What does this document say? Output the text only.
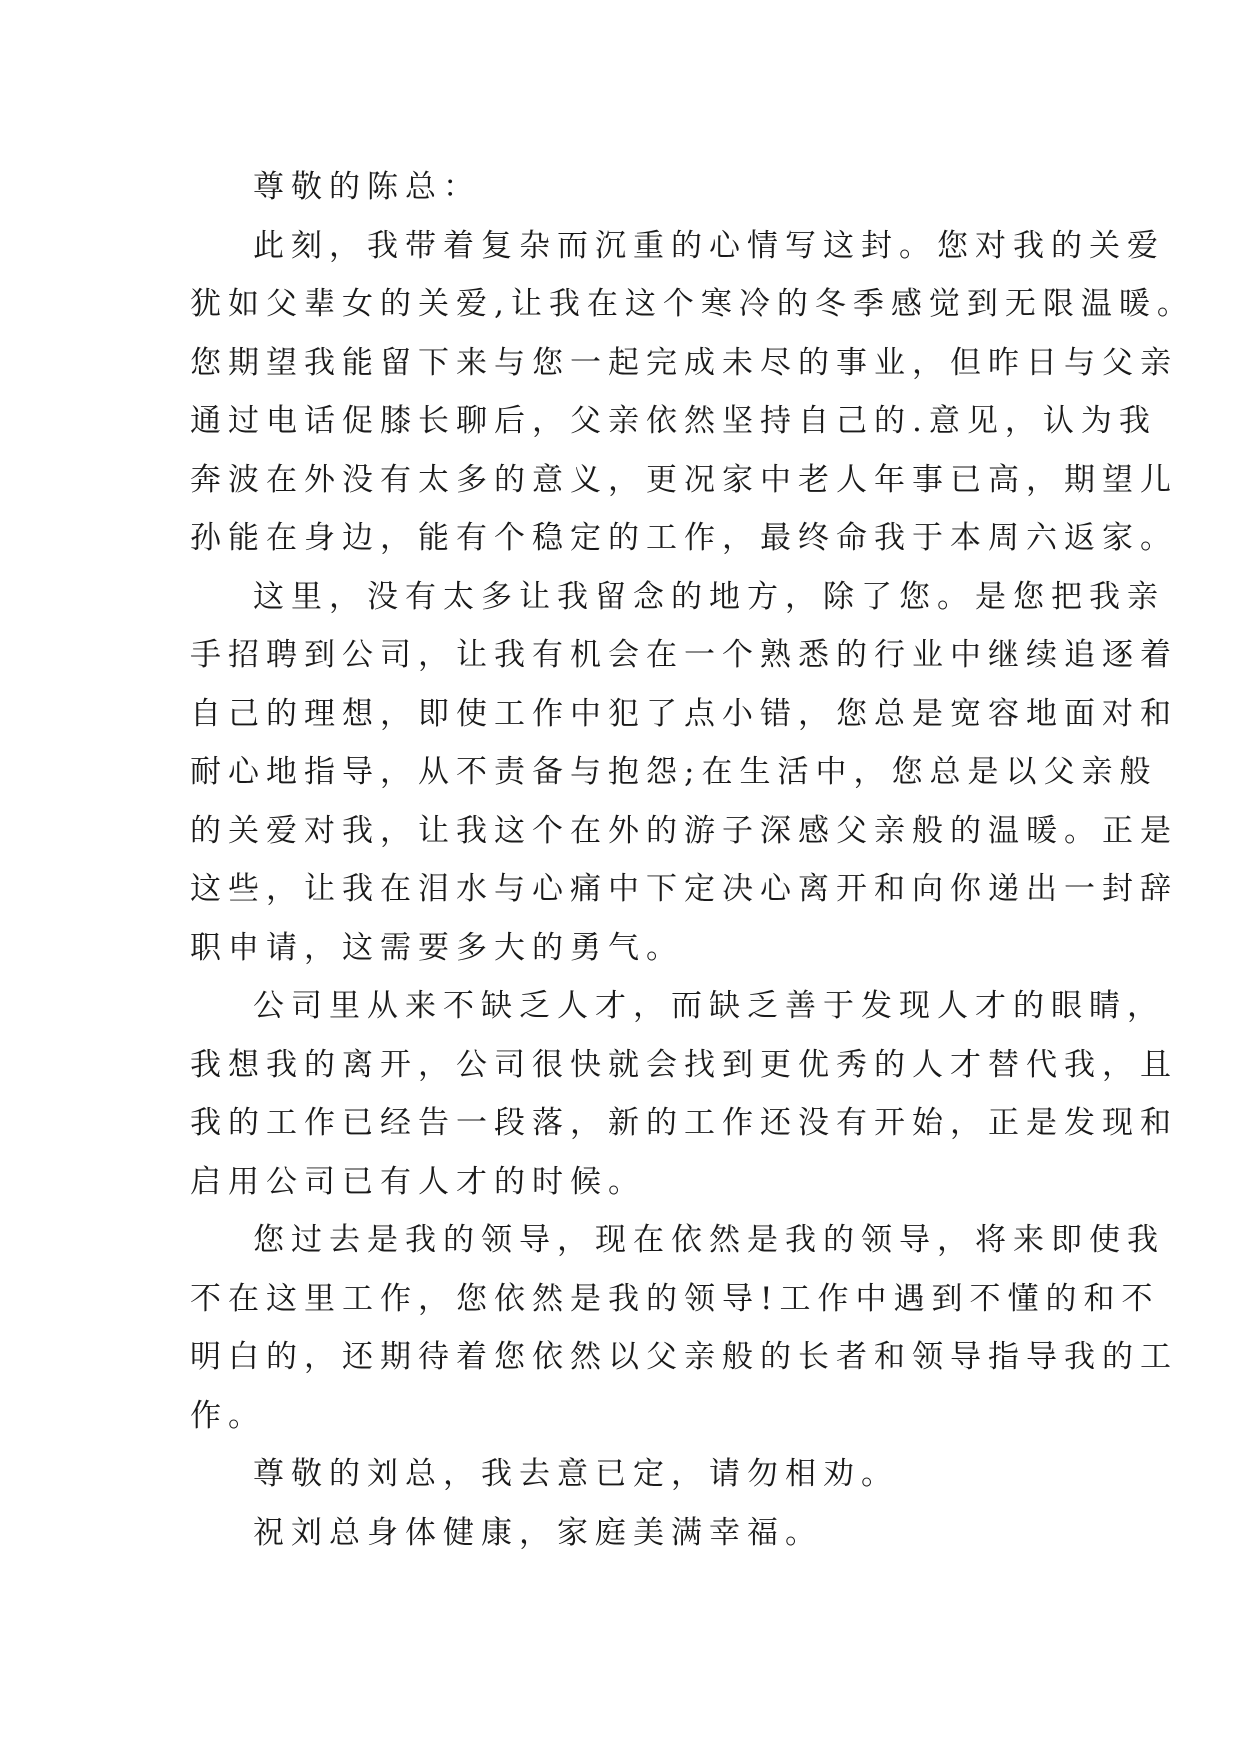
尊敬的陈总：
此刻，我带着复杂而沉重的心情写这封。您对我的关爱
犹如父辈女的关爱,让我在这个寒冷的冬季感觉到无限温暖。
您期望我能留下来与您一起完成未尽的事业，但昨日与父亲
通过电话促膝长聊后，父亲依然坚持自己的.意见，认为我
奔波在外没有太多的意义，更况家中老人年事已高，期望儿
孙能在身边，能有个稳定的工作，最终命我于本周六返家。
这里，没有太多让我留念的地方，除了您。是您把我亲
手招聘到公司，让我有机会在一个熟悉的行业中继续追逐着
自己的理想，即使工作中犯了点小错，您总是宽容地面对和
耐心地指导，从不责备与抱怨;在生活中，您总是以父亲般
的关爱对我，让我这个在外的游子深感父亲般的温暖。正是
这些，让我在泪水与心痛中下定决心离开和向你递出一封辞
职申请，这需要多大的勇气。
公司里从来不缺乏人才，而缺乏善于发现人才的眼睛，
我想我的离开，公司很快就会找到更优秀的人才替代我，且
我的工作已经告一段落，新的工作还没有开始，正是发现和
启用公司已有人才的时候。
您过去是我的领导，现在依然是我的领导，将来即使我
不在这里工作，您依然是我的领导!工作中遇到不懂的和不
明白的，还期待着您依然以父亲般的长者和领导指导我的工
作。
尊敬的刘总，我去意已定，请勿相劝。
祝刘总身体健康，家庭美满幸福。
